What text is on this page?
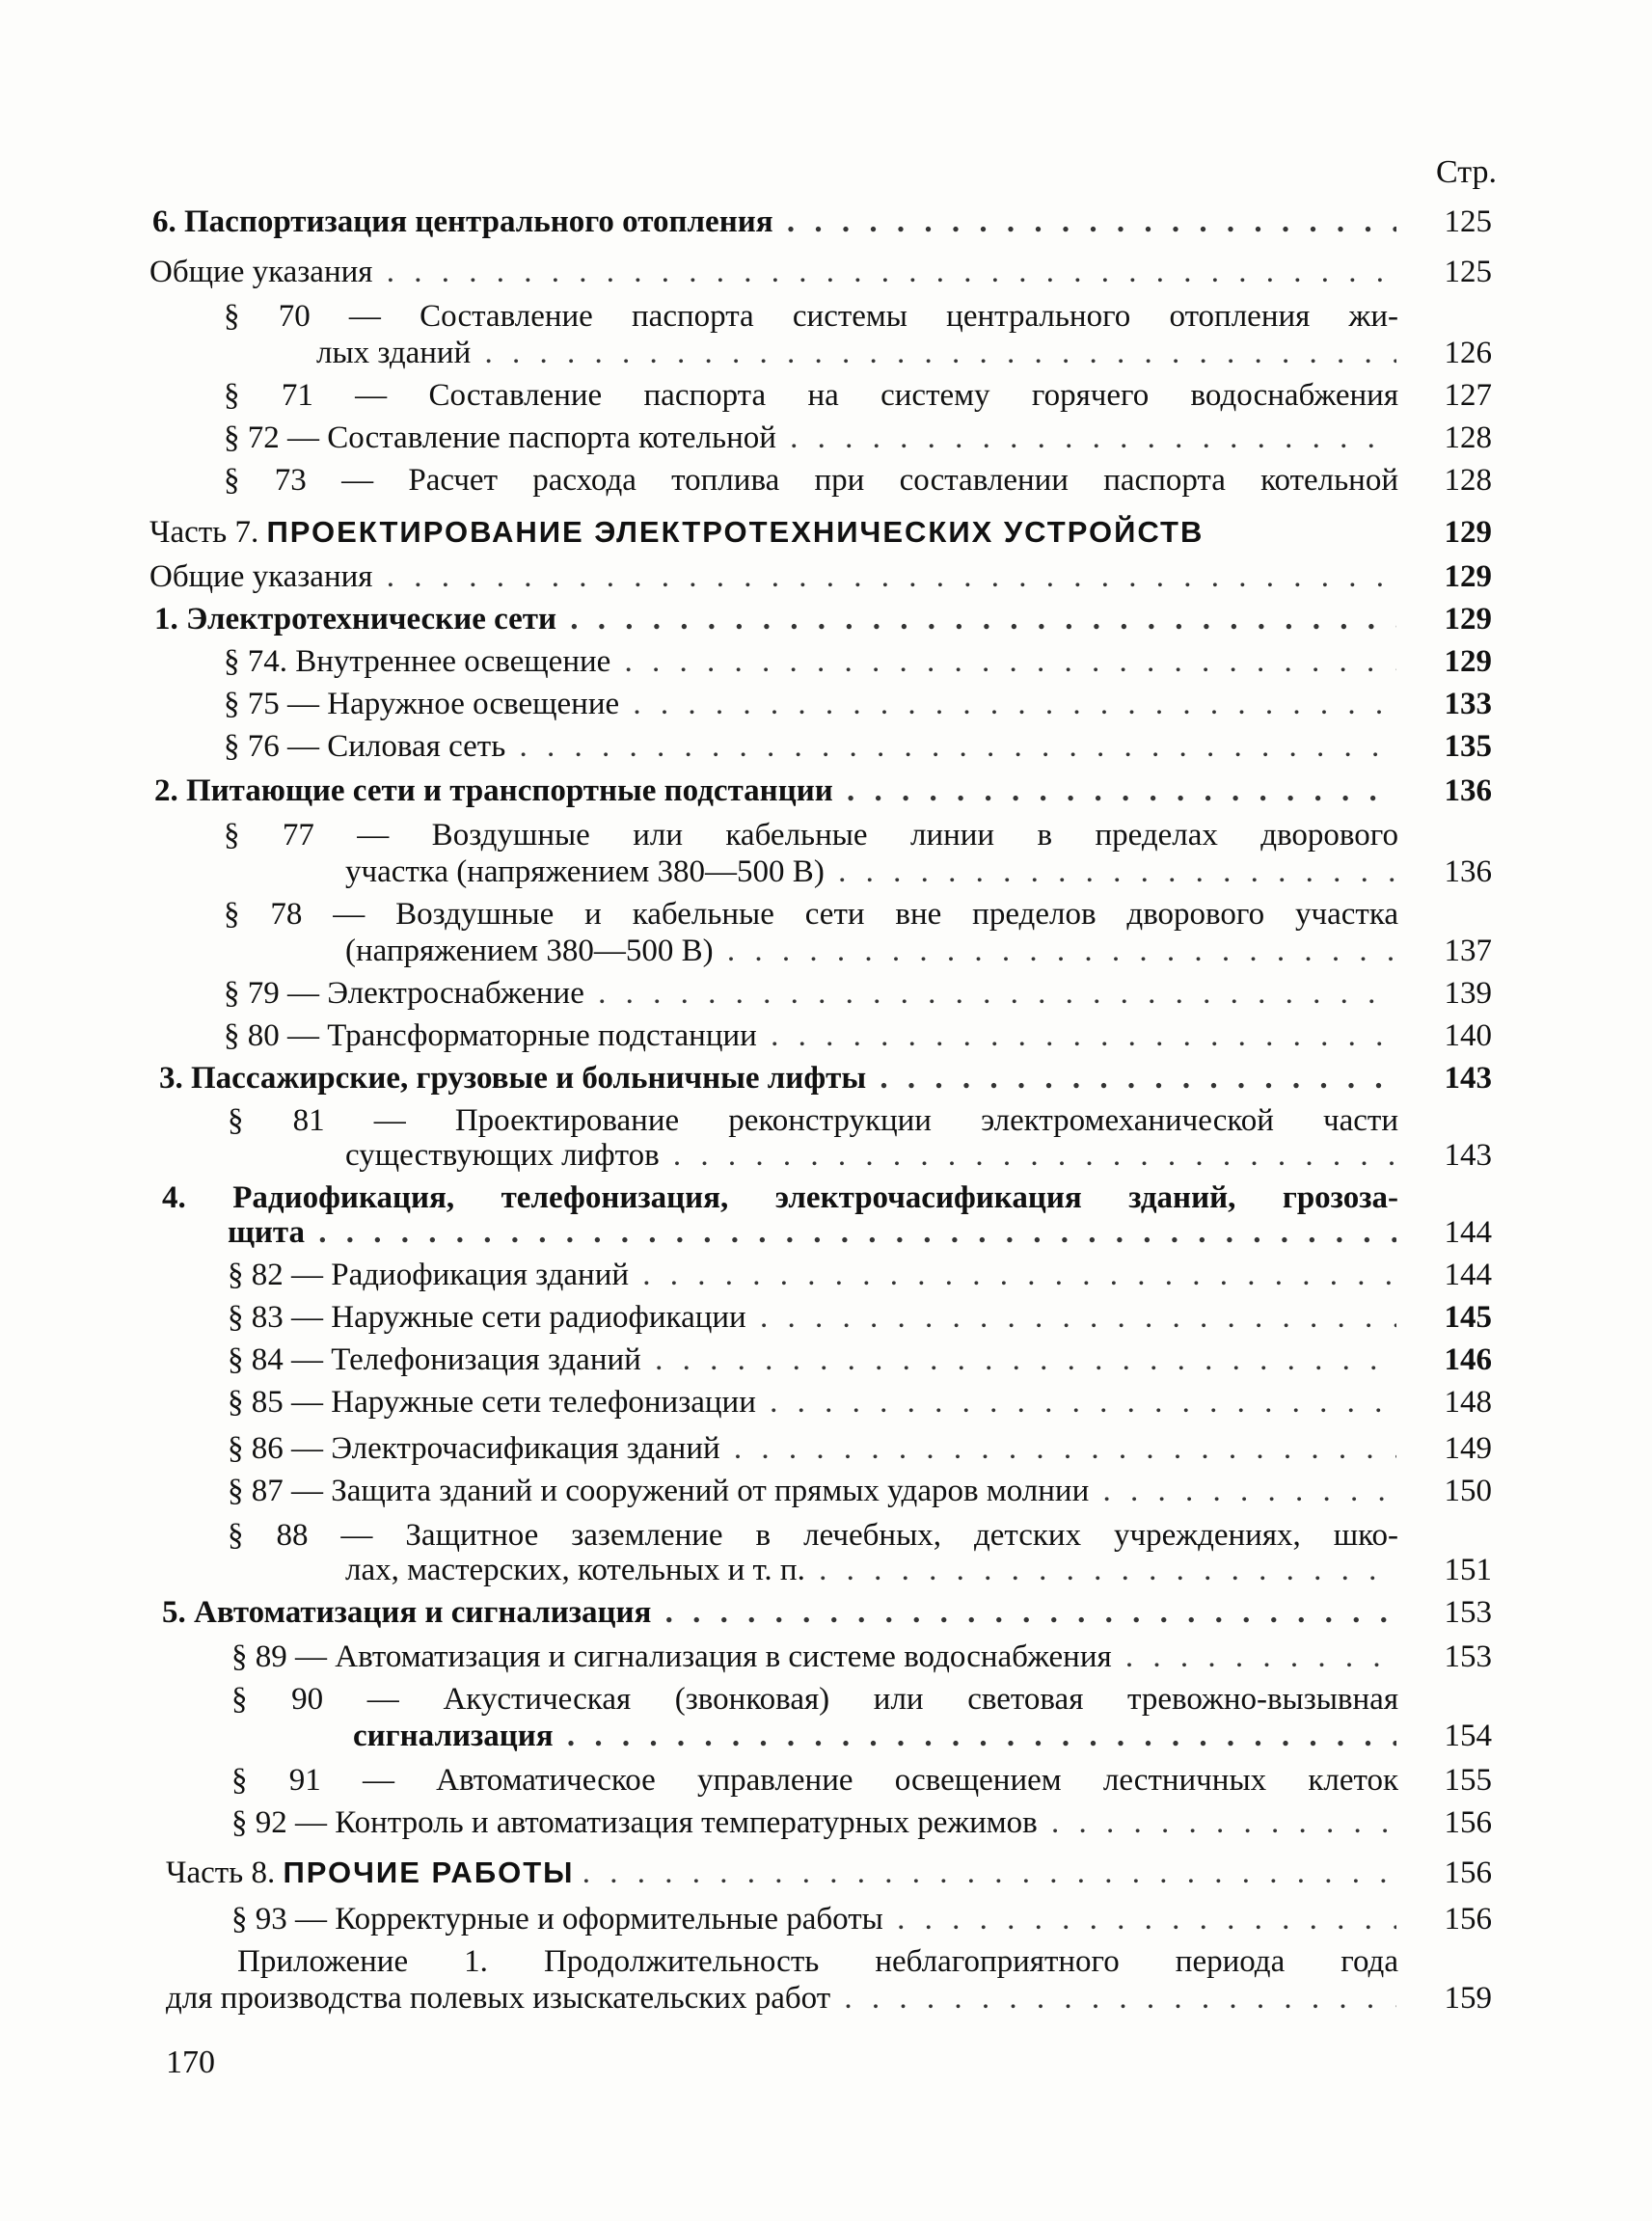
Стр.
6. Паспортизация центрального отопления . . .	125
Общие указания . . .	125
§ 70 — Составление паспорта системы центрального отопления жи-
лых зданий . . .	126
§ 71 — Составление паспорта на систему горячего водоснабжения	127
§ 72 — Составление паспорта котельной . . .	128
§ 73 — Расчет расхода топлива при составлении паспорта котельной	128
Часть 7. ПРОЕКТИРОВАНИЕ ЭЛЕКТРОТЕХНИЧЕСКИХ УСТРОЙСТВ	129
Общие указания . . .	129
1. Электротехнические сети . . .	129
§ 74. Внутреннее освещение . . .	129
§ 75 — Наружное освещение . . .	133
§ 76 — Силовая сеть . . .	135
2. Питающие сети и транспортные подстанции . . .	136
§ 77 — Воздушные или кабельные линии в пределах дворового
участка (напряжением 380—500 В) . . .	136
§ 78 — Воздушные и кабельные сети вне пределов дворового участка
(напряжением 380—500 В) . . .	137
§ 79 — Электроснабжение . . .	139
§ 80 — Трансформаторные подстанции . . .	140
3. Пассажирские, грузовые и больничные лифты . . .	143
§ 81 — Проектирование реконструкции электромеханической части
существующих лифтов . . .	143
4. Радиофикация, телефонизация, электрочасификация зданий, грозоза-
щита . . .	144
§ 82 — Радиофикация зданий . . .	144
§ 83 — Наружные сети радиофикации . . .	145
§ 84 — Телефонизация зданий . . .	146
§ 85 — Наружные сети телефонизации . . .	148
§ 86 — Электрочасификация зданий . . .	149
§ 87 — Защита зданий и сооружений от прямых ударов молнии . . .	150
§ 88 — Защитное заземление в лечебных, детских учреждениях, шко-
лах, мастерских, котельных и т. п. . . .	151
5. Автоматизация и сигнализация . . .	153
§ 89 — Автоматизация и сигнализация в системе водоснабжения . . .	153
§ 90 — Акустическая (звонковая) или световая тревожно-вызывная
сигнализация . . .	154
§ 91 — Автоматическое управление освещением лестничных клеток	155
§ 92 — Контроль и автоматизация температурных режимов . . .	156
Часть 8. ПРОЧИЕ РАБОТЫ . . .	156
§ 93 — Корректурные и оформительные работы . . .	156
Приложение 1. Продолжительность неблагоприятного периода года
для производства полевых изыскательских работ . . .	159
170
